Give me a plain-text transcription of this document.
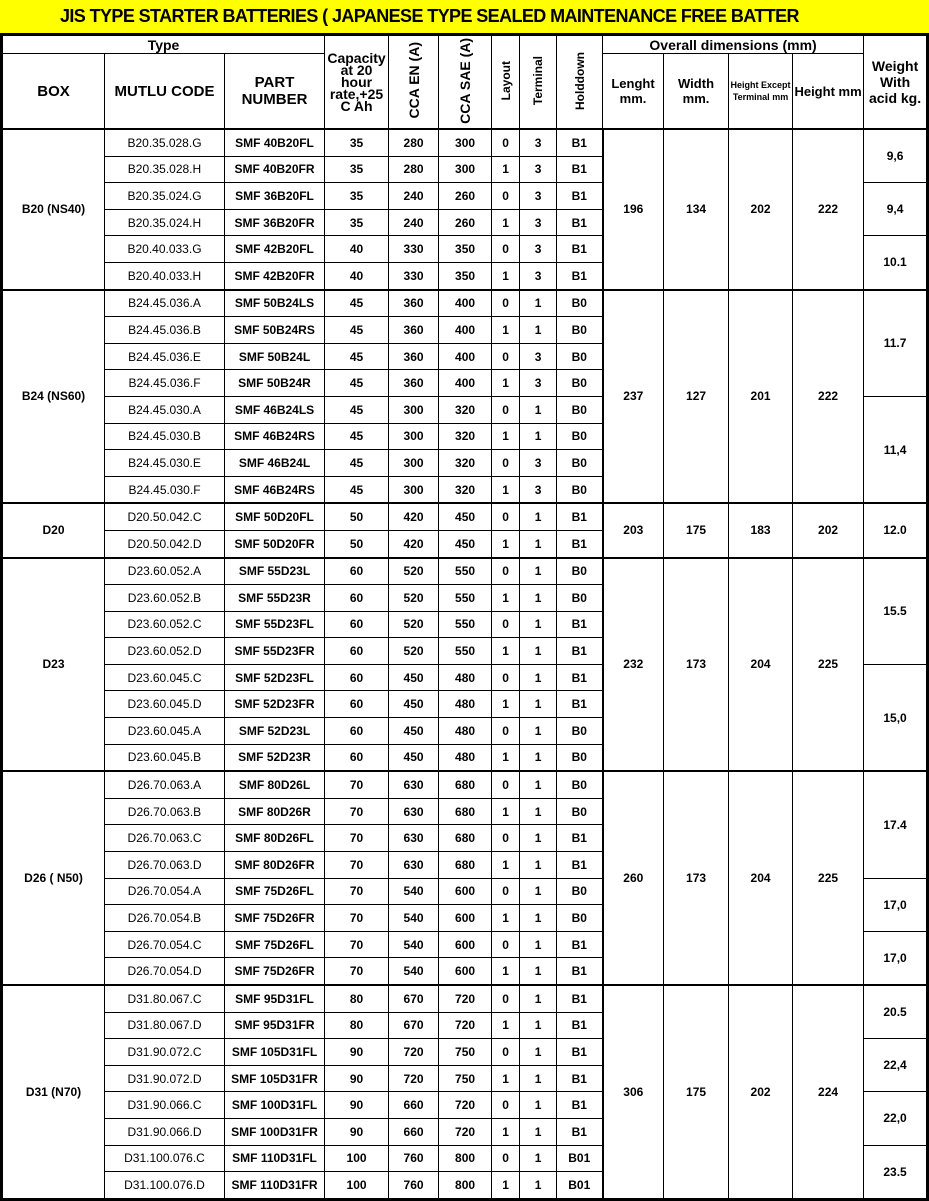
JIS TYPE STARTER BATTERIES ( JAPANESE TYPE SEALED MAINTENANCE FREE BATTER
Type			Capacity at 20 hour rate,+25 C Ah	CCA EN (A)	CCA SAE (A)	Layout	Terminal	Holddown	Overall dimensions (mm)				Weight With acid kg.
BOX	MUTLU CODE	PART NUMBER							Lenght mm.	Width mm.	Height Except Terminal mm	Height mm	
B20 (NS40)	B20.35.028.G	SMF 40B20FL	35	280	300	0	3	B1	196	134	202	222	9,6
	B20.35.028.H	SMF 40B20FR	35	280	300	1	3	B1					
	B20.35.024.G	SMF 36B20FL	35	240	260	0	3	B1					9,4
	B20.35.024.H	SMF 36B20FR	35	240	260	1	3	B1					
	B20.40.033.G	SMF 42B20FL	40	330	350	0	3	B1					10.1
	B20.40.033.H	SMF 42B20FR	40	330	350	1	3	B1					
B24 (NS60)	B24.45.036.A	SMF 50B24LS	45	360	400	0	1	B0	237	127	201	222	11.7
	B24.45.036.B	SMF 50B24RS	45	360	400	1	1	B0					
	B24.45.036.E	SMF 50B24L	45	360	400	0	3	B0					
	B24.45.036.F	SMF 50B24R	45	360	400	1	3	B0					
	B24.45.030.A	SMF 46B24LS	45	300	320	0	1	B0					11,4
	B24.45.030.B	SMF 46B24RS	45	300	320	1	1	B0					
	B24.45.030.E	SMF 46B24L	45	300	320	0	3	B0					
	B24.45.030.F	SMF 46B24RS	45	300	320	1	3	B0					
D20	D20.50.042.C	SMF 50D20FL	50	420	450	0	1	B1	203	175	183	202	12.0
	D20.50.042.D	SMF 50D20FR	50	420	450	1	1	B1					
D23	D23.60.052.A	SMF 55D23L	60	520	550	0	1	B0	232	173	204	225	15.5
	D23.60.052.B	SMF 55D23R	60	520	550	1	1	B0					
	D23.60.052.C	SMF 55D23FL	60	520	550	0	1	B1					
	D23.60.052.D	SMF 55D23FR	60	520	550	1	1	B1					
	D23.60.045.C	SMF 52D23FL	60	450	480	0	1	B1					15,0
	D23.60.045.D	SMF 52D23FR	60	450	480	1	1	B1					
	D23.60.045.A	SMF 52D23L	60	450	480	0	1	B0					
	D23.60.045.B	SMF 52D23R	60	450	480	1	1	B0					
D26 ( N50)	D26.70.063.A	SMF 80D26L	70	630	680	0	1	B0	260	173	204	225	17.4
	D26.70.063.B	SMF 80D26R	70	630	680	1	1	B0					
	D26.70.063.C	SMF 80D26FL	70	630	680	0	1	B1					
	D26.70.063.D	SMF 80D26FR	70	630	680	1	1	B1					
	D26.70.054.A	SMF 75D26FL	70	540	600	0	1	B0					17,0
	D26.70.054.B	SMF 75D26FR	70	540	600	1	1	B0					
	D26.70.054.C	SMF 75D26FL	70	540	600	0	1	B1					17,0
	D26.70.054.D	SMF 75D26FR	70	540	600	1	1	B1					
D31 (N70)	D31.80.067.C	SMF 95D31FL	80	670	720	0	1	B1	306	175	202	224	20.5
	D31.80.067.D	SMF 95D31FR	80	670	720	1	1	B1					
	D31.90.072.C	SMF 105D31FL	90	720	750	0	1	B1					22,4
	D31.90.072.D	SMF 105D31FR	90	720	750	1	1	B1					
	D31.90.066.C	SMF 100D31FL	90	660	720	0	1	B1					22,0
	D31.90.066.D	SMF 100D31FR	90	660	720	1	1	B1					
	D31.100.076.C	SMF 110D31FL	100	760	800	0	1	B01					23.5
	D31.100.076.D	SMF 110D31FR	100	760	800	1	1	B01					
